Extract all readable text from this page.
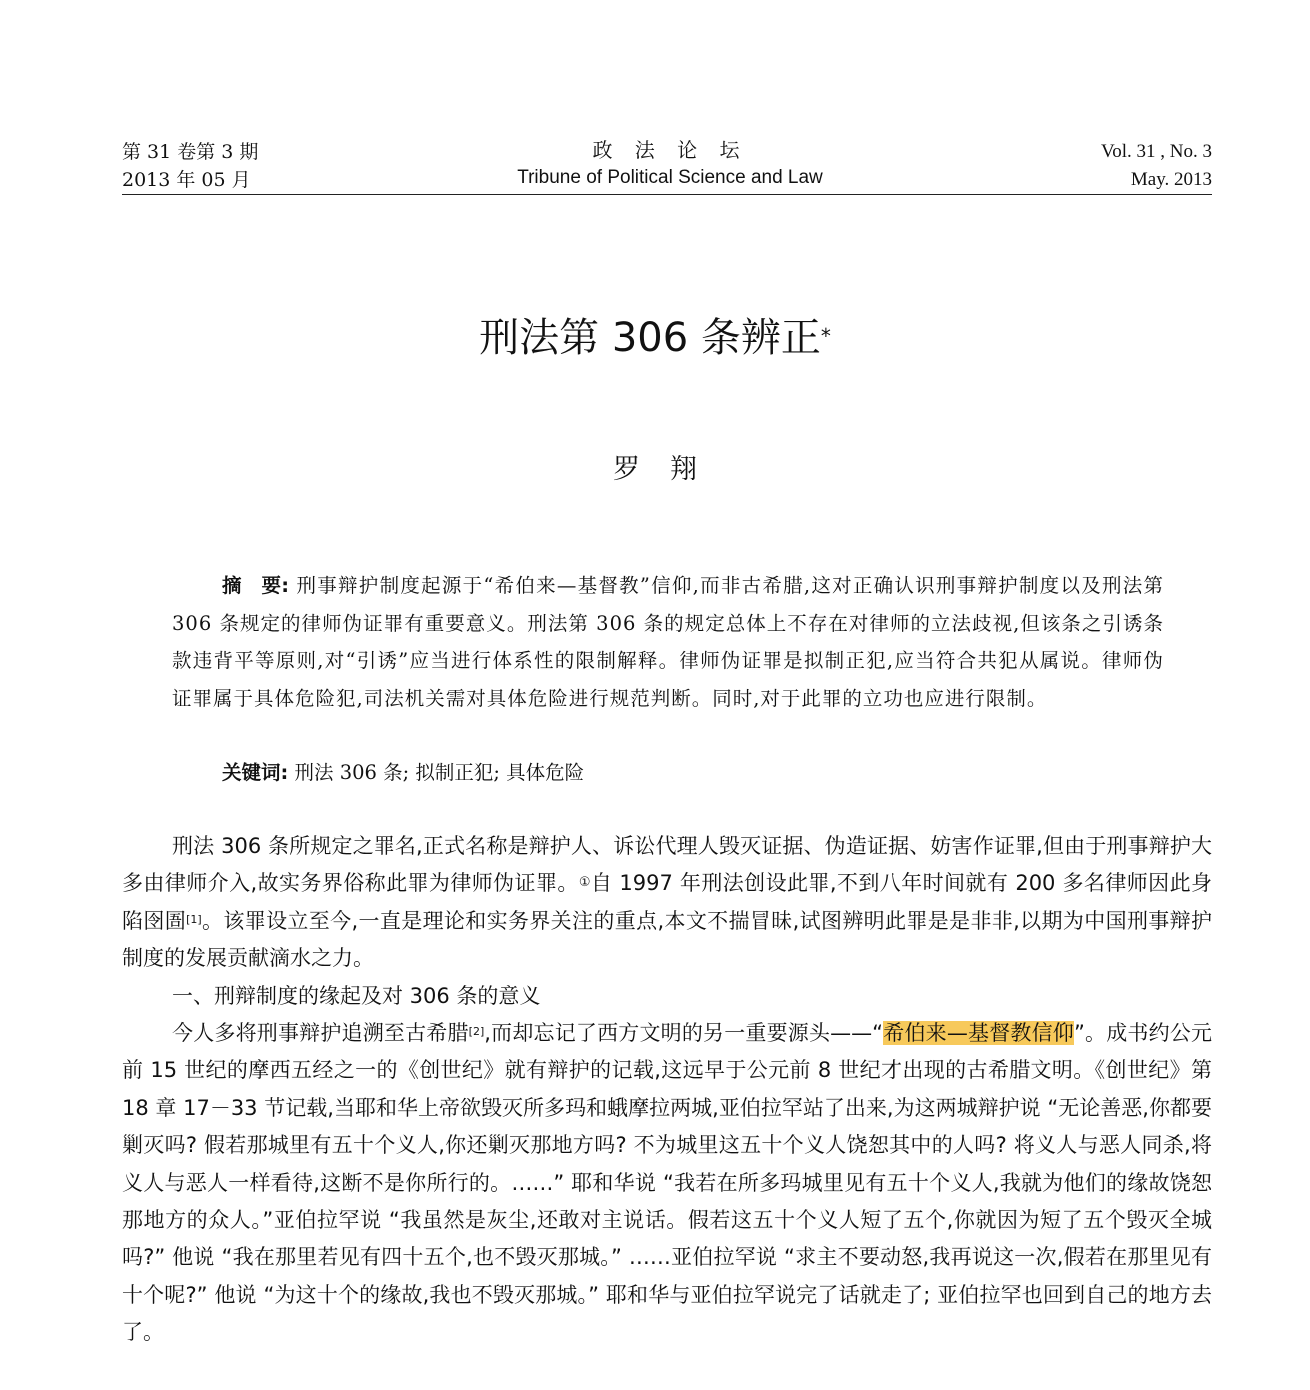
第 31 卷第 3 期
2013 年 05 月
政 法 论 坛
Tribune of Political Science and Law
Vol. 31 , No. 3
May. 2013
刑法第 306 条辨正*
罗翔

摘　要: 刑事辩护制度起源于“希伯来—基督教”信仰,而非古希腊,这对正确认识刑事辩护制度以及刑法第 306 条规定的律师伪证罪有重要意义。刑法第 306 条的规定总体上不存在对律师的立法歧视,但该条之引诱条款违背平等原则,对“引诱”应当进行体系性的限制解释。律师伪证罪是拟制正犯,应当符合共犯从属说。律师伪证罪属于具体危险犯,司法机关需对具体危险进行规范判断。同时,对于此罪的立功也应进行限制。

关键词: 刑法 306 条; 拟制正犯; 具体危险

刑法 306 条所规定之罪名,正式名称是辩护人、诉讼代理人毁灭证据、伪造证据、妨害作证罪,但由于刑事辩护大多由律师介入,故实务界俗称此罪为律师伪证罪。①自 1997 年刑法创设此罪,不到八年时间就有 200 多名律师因此身陷囹圄[1]。该罪设立至今,一直是理论和实务界关注的重点,本文不揣冒昧,试图辨明此罪是是非非,以期为中国刑事辩护制度的发展贡献滴水之力。

一、刑辩制度的缘起及对 306 条的意义

今人多将刑事辩护追溯至古希腊[2],而却忘记了西方文明的另一重要源头——“希伯来—基督教信仰”。成书约公元前 15 世纪的摩西五经之一的《创世纪》就有辩护的记载,这远早于公元前 8 世纪才出现的古希腊文明。《创世纪》第 18 章 17－33 节记载,当耶和华上帝欲毁灭所多玛和蛾摩拉两城,亚伯拉罕站了出来,为这两城辩护说 “无论善恶,你都要剿灭吗? 假若那城里有五十个义人,你还剿灭那地方吗? 不为城里这五十个义人饶恕其中的人吗? 将义人与恶人同杀,将义人与恶人一样看待,这断不是你所行的。……” 耶和华说 “我若在所多玛城里见有五十个义人,我就为他们的缘故饶恕那地方的众人。”亚伯拉罕说 “我虽然是灰尘,还敢对主说话。假若这五十个义人短了五个,你就因为短了五个毁灭全城吗?” 他说 “我在那里若见有四十五个,也不毁灭那城。” ……亚伯拉罕说 “求主不要动怒,我再说这一次,假若在那里见有十个呢?” 他说 “为这十个的缘故,我也不毁灭那城。” 耶和华与亚伯拉罕说完了话就走了; 亚伯拉罕也回到自己的地方去了。
